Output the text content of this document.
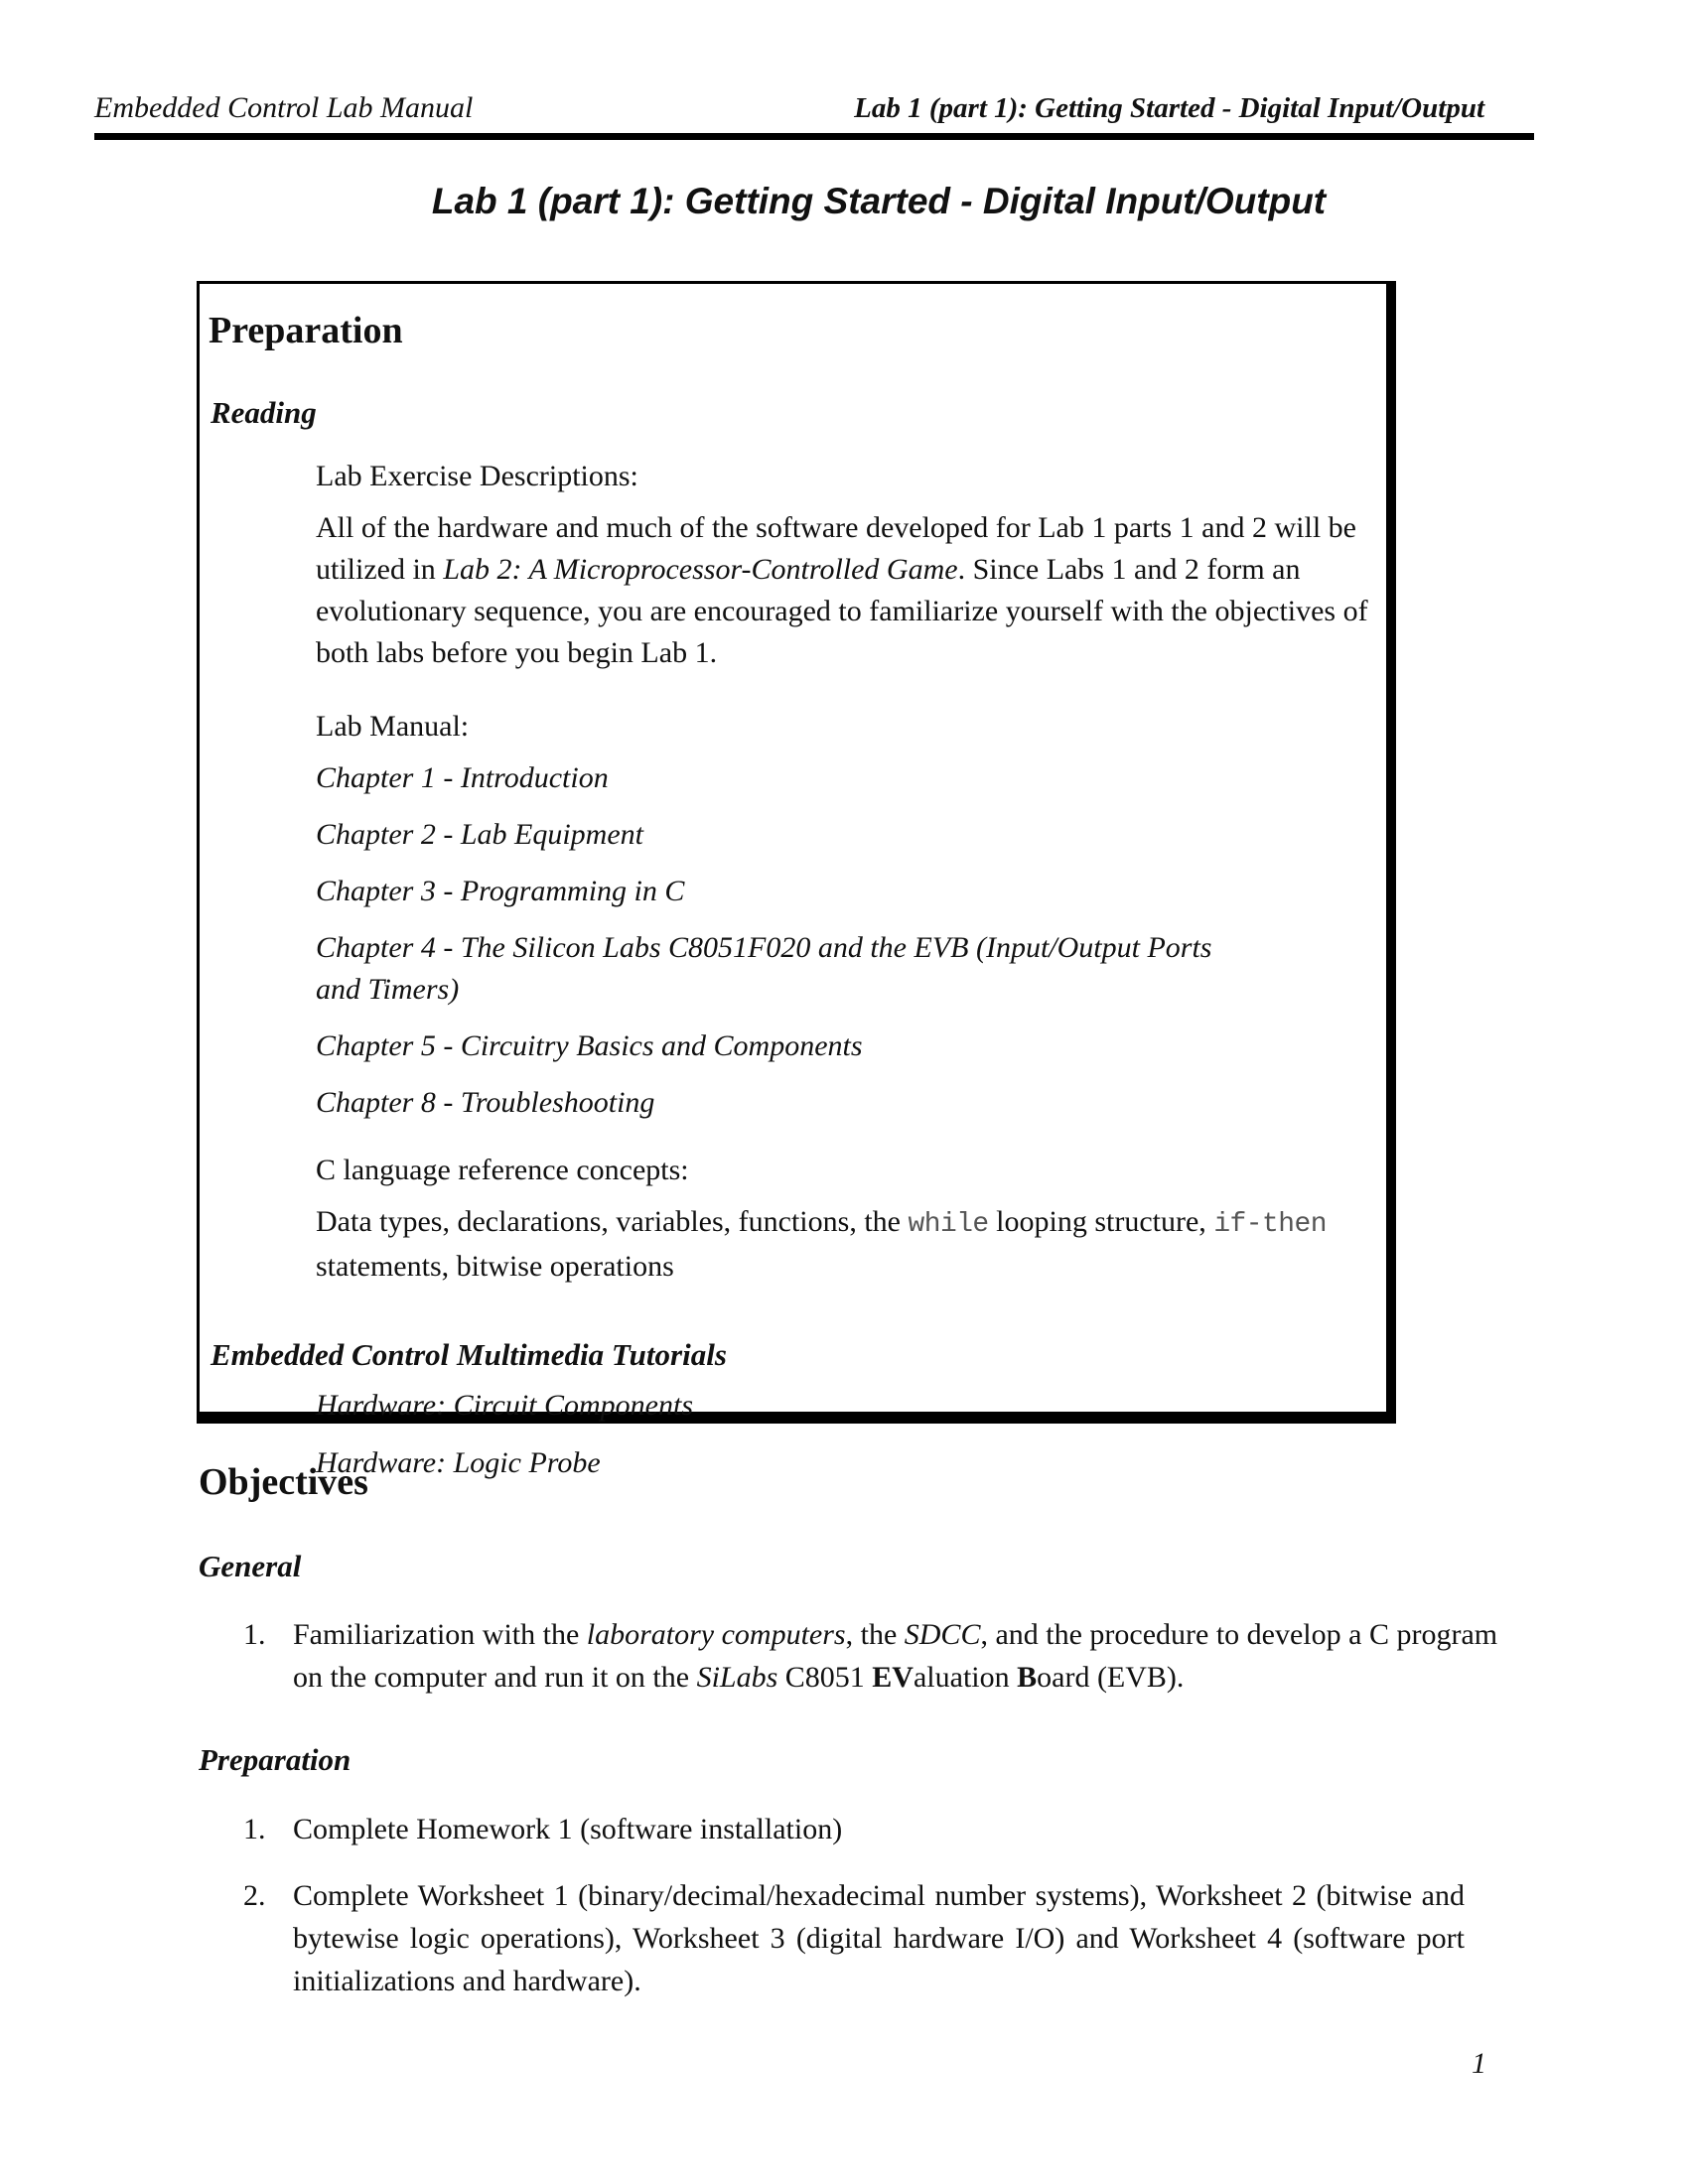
Embedded Control Lab Manual	Lab 1 (part 1): Getting Started - Digital Input/Output
Lab 1 (part 1): Getting Started - Digital Input/Output
Preparation
Reading

Lab Exercise Descriptions:

All of the hardware and much of the software developed for Lab 1 parts 1 and 2 will be utilized in Lab 2: A Microprocessor-Controlled Game. Since Labs 1 and 2 form an evolutionary sequence, you are encouraged to familiarize yourself with the objectives of both labs before you begin Lab 1.

Lab Manual:

Chapter 1 - Introduction

Chapter 2 - Lab Equipment

Chapter 3 - Programming in C

Chapter 4 - The Silicon Labs C8051F020 and the EVB (Input/Output Ports and Timers)

Chapter 5 - Circuitry Basics and Components

Chapter 8 - Troubleshooting

C language reference concepts:

Data types, declarations, variables, functions, the while looping structure, if-then statements, bitwise operations

Embedded Control Multimedia Tutorials

Hardware: Circuit Components

Hardware: Logic Probe

Objectives
General
1. Familiarization with the laboratory computers, the SDCC, and the procedure to develop a C program on the computer and run it on the SiLabs C8051 EValuation Board (EVB).
Preparation
1. Complete Homework 1 (software installation)
2. Complete Worksheet 1 (binary/decimal/hexadecimal number systems), Worksheet 2 (bitwise and bytewise logic operations), Worksheet 3 (digital hardware I/O) and Worksheet 4 (software port initializations and hardware).
1
